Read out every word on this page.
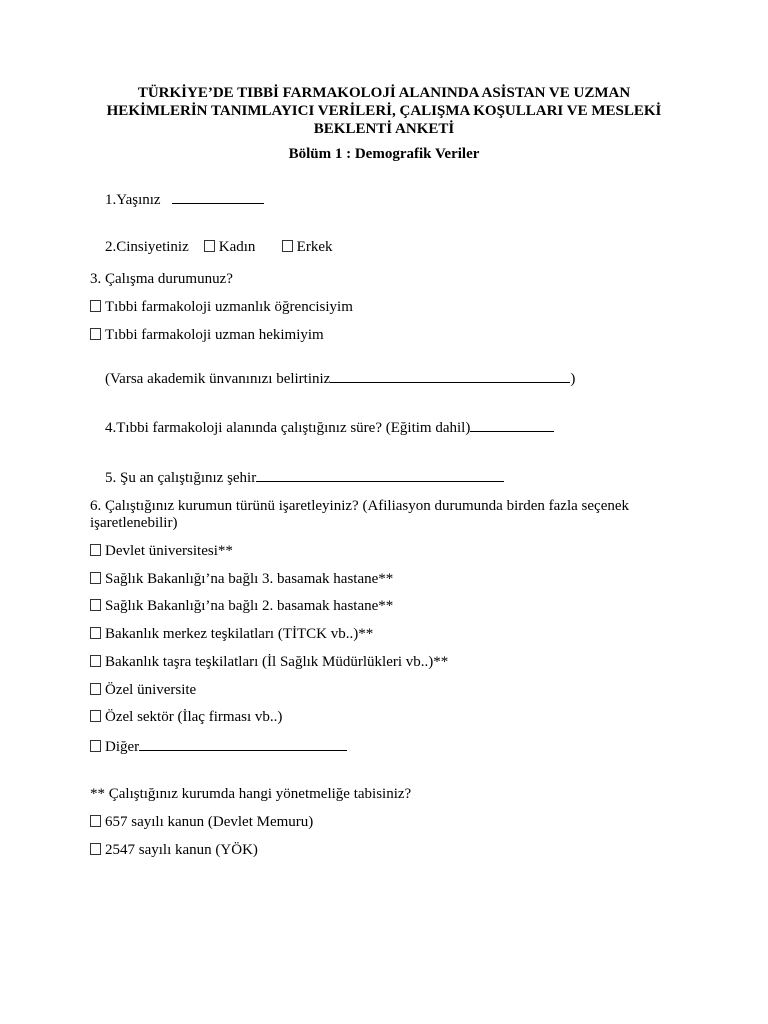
TÜRKİYE’DE TIBBİ FARMAKOLOJİ ALANINDA ASİSTAN VE UZMAN
HEKİMLERİN TANIMLAYICI VERİLERİ, ÇALIŞMA KOŞULLARI VE MESLEKİ
BEKLENTİ ANKETİ
Bölüm 1 : Demografik Veriler

1.Yaşınız

2.Cinsiyetiniz Kadın	Erkek

3. Çalışma durumunuz?
Tıbbi farmakoloji uzmanlık öğrencisiyim
Tıbbi farmakoloji uzman hekimiyim

(Varsa akademik ünvanınızı belirtiniz	)

4.Tıbbi farmakoloji alanında çalıştığınız süre? (Eğitim dahil)

5. Şu an çalıştığınız şehir

6. Çalıştığınız kurumun türünü işaretleyiniz? (Afiliasyon durumunda birden fazla seçenek
işaretlenebilir)
Devlet üniversitesi**
Sağlık Bakanlığı’na bağlı 3. basamak hastane**
Sağlık Bakanlığı’na bağlı 2. basamak hastane**
Bakanlık merkez teşkilatları (TİTCK vb..)**
Bakanlık taşra teşkilatları (İl Sağlık Müdürlükleri vb..)**
Özel üniversite
Özel sektör (İlaç firması vb..)
Diğer
** Çalıştığınız kurumda hangi yönetmeliğe tabisiniz?
657 sayılı kanun (Devlet Memuru)
2547 sayılı kanun (YÖK)
